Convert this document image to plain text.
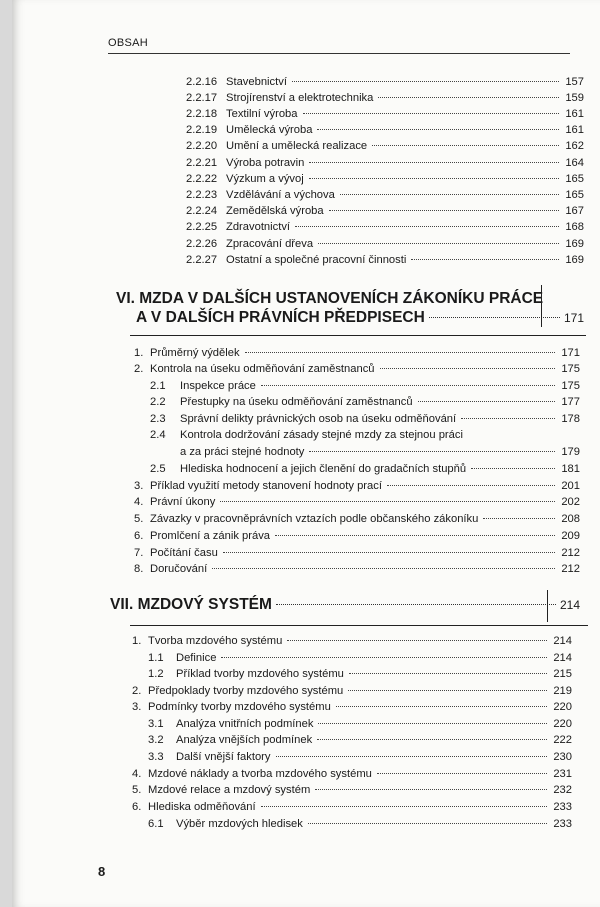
OBSAH
2.2.16 Stavebnictví	157
2.2.17 Strojírenství a elektrotechnika	159
2.2.18 Textilní výroba	161
2.2.19 Umělecká výroba	161
2.2.20 Umění a umělecká realizace	162
2.2.21 Výroba potravin	164
2.2.22 Výzkum a vývoj	165
2.2.23 Vzdělávání a výchova	165
2.2.24 Zemědělská výroba	167
2.2.25 Zdravotnictví	168
2.2.26 Zpracování dřeva	169
2.2.27 Ostatní a společné pracovní činnosti	169
VI. MZDA V DALŠÍCH USTANOVENÍCH ZÁKONÍKU PRÁCE
A V DALŠÍCH PRÁVNÍCH PŘEDPISECH	171
1. Průměrný výdělek	171
2. Kontrola na úseku odměňování zaměstnanců	175
2.1	Inspekce práce	175
2.2	Přestupky na úseku odměňování zaměstnanců	177
2.3	Správní delikty právnických osob na úseku odměňování	178
2.4	Kontrola dodržování zásady stejné mzdy za stejnou práci
a za práci stejné hodnoty	179
2.5	Hlediska hodnocení a jejich členění do gradačních stupňů	181
3. Příklad využití metody stanovení hodnoty prací	201
4. Právní úkony	202
5. Závazky v pracovněprávních vztazích podle občanského zákoníku	208
6. Promlčení a zánik práva	209
7. Počítání času	212
8. Doručování	212
VII. MZDOVÝ SYSTÉM	214
1. Tvorba mzdového systému	214
1.1	Definice	214
1.2	Příklad tvorby mzdového systému	215
2. Předpoklady tvorby mzdového systému	219
3. Podmínky tvorby mzdového systému	220
3.1	Analýza vnitřních podmínek	220
3.2	Analýza vnějších podmínek	222
3.3	Další vnější faktory	230
4. Mzdové náklady a tvorba mzdového systému	231
5. Mzdové relace a mzdový systém	232
6. Hlediska odměňování	233
6.1	Výběr mzdových hledisek	233
8
